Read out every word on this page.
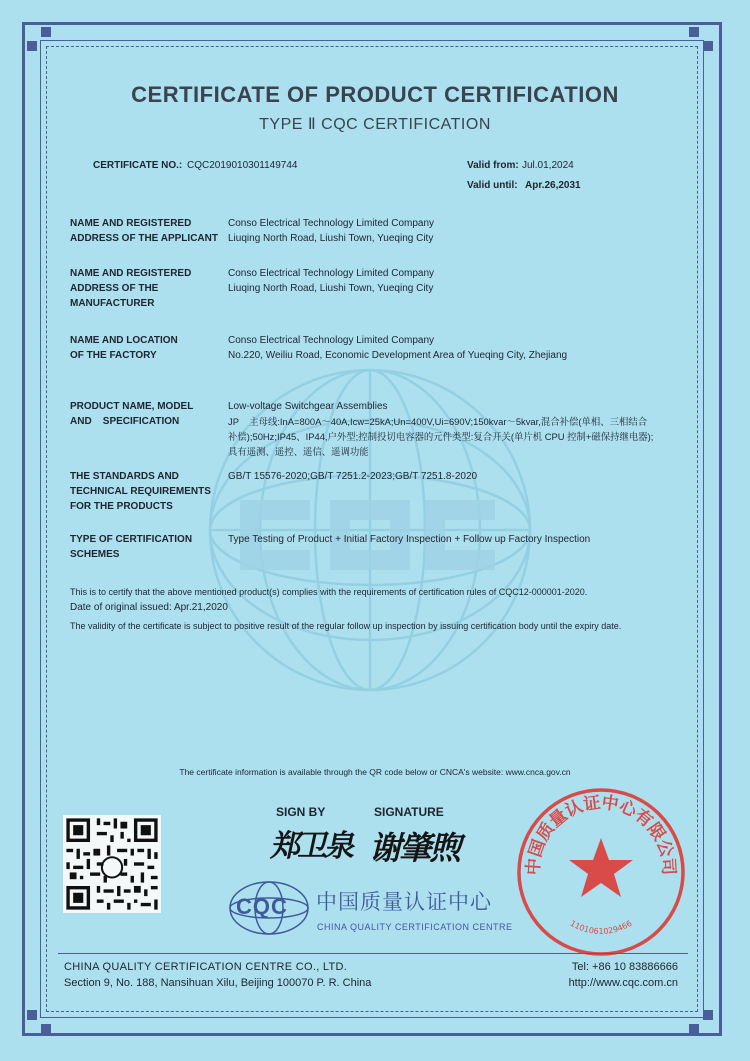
CERTIFICATE OF PRODUCT CERTIFICATION
TYPE Ⅱ CQC CERTIFICATION
CERTIFICATE NO.: CQC2019010301149744	Valid from: Jul.01,2024
Valid until: Apr.26,2031
NAME AND REGISTERED
ADDRESS OF THE APPLICANT
Conso Electrical Technology Limited Company
Liuqing North Road, Liushi Town, Yueqing City
NAME AND REGISTERED
ADDRESS OF THE
MANUFACTURER
Conso Electrical Technology Limited Company
Liuqing North Road, Liushi Town, Yueqing City
NAME AND LOCATION
OF THE FACTORY
Conso Electrical Technology Limited Company
No.220, Weiliu Road, Economic Development Area of Yueqing City, Zhejiang
PRODUCT NAME, MODEL
AND    SPECIFICATION
Low-voltage Switchgear Assemblies
JP    主母线:InA=800A～40A,Icw=25kA;Un=400V,Ui=690V;150kvar～5kvar,混合补偿(单相、三相结合
补偿);50Hz;IP45、IP44,户外型;控制投切电容器的元件类型:复合开关(单片机 CPU 控制+磁保持继电器);
具有遥测、遥控、遥信、遥调功能
THE STANDARDS AND
TECHNICAL REQUIREMENTS
FOR THE PRODUCTS
GB/T 15576-2020;GB/T 7251.2-2023;GB/T 7251.8-2020
TYPE OF CERTIFICATION
SCHEMES
Type Testing of Product + Initial Factory Inspection + Follow up Factory Inspection
This is to certify that the above mentioned product(s) complies with the requirements of certification rules of CQC12-000001-2020.
Date of original issued: Apr.21,2020
The validity of the certificate is subject to positive result of the regular follow up inspection by issuing certification body until the expiry date.
The certificate information is available through the QR code below or CNCA's website: www.cnca.gov.cn
SIGN BY	SIGNATURE
郑卫泉 谢肇煦
CQC 中国质量认证中心
CHINA QUALITY CERTIFICATION CENTRE
中国质量认证中心有限公司
1101061029466
CHINA QUALITY CERTIFICATION CENTRE CO., LTD.
Section 9, No. 188, Nansihuan Xilu, Beijing 100070 P. R. China
Tel: +86 10 83886666
http://www.cqc.com.cn
